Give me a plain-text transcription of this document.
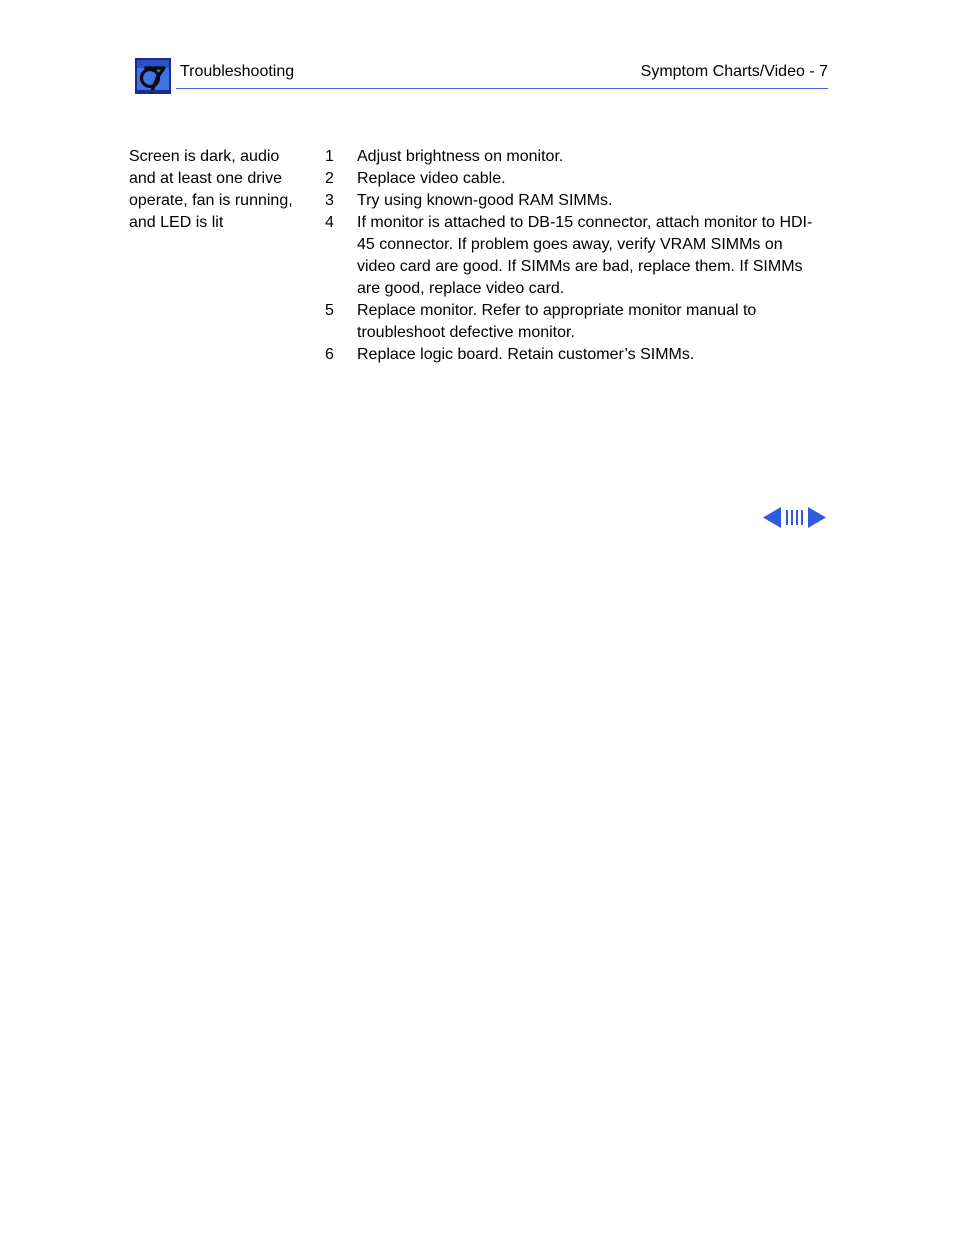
Troubleshooting	Symptom Charts/Video - 7
Screen is dark, audio and at least one drive operate, fan is running, and LED is lit
1 Adjust brightness on monitor.
2 Replace video cable.
3 Try using known-good RAM SIMMs.
4 If monitor is attached to DB-15 connector, attach monitor to HDI-45 connector. If problem goes away, verify VRAM SIMMs on video card are good. If SIMMs are bad, replace them. If SIMMs are good, replace video card.
5 Replace monitor. Refer to appropriate monitor manual to troubleshoot defective monitor.
6 Replace logic board. Retain customer’s SIMMs.
